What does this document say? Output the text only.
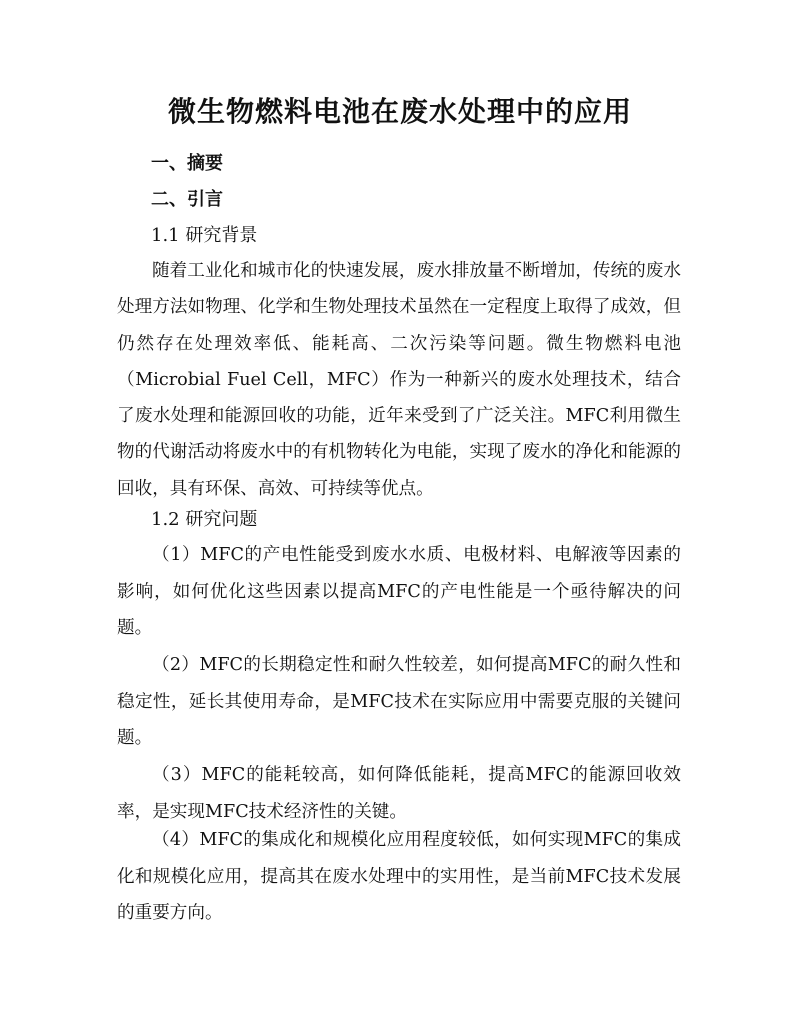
微生物燃料电池在废水处理中的应用
一、摘要
二、引言
1.1 研究背景

随着工业化和城市化的快速发展，废水排放量不断增加，传统的废水处理方法如物理、化学和生物处理技术虽然在一定程度上取得了成效，但仍然存在处理效率低、能耗高、二次污染等问题。微生物燃料电池（Microbial Fuel Cell，MFC）作为一种新兴的废水处理技术，结合了废水处理和能源回收的功能，近年来受到了广泛关注。MFC利用微生物的代谢活动将废水中的有机物转化为电能，实现了废水的净化和能源的回收，具有环保、高效、可持续等优点。

1.2 研究问题

（1）MFC的产电性能受到废水水质、电极材料、电解液等因素的影响，如何优化这些因素以提高MFC的产电性能是一个亟待解决的问题。

（2）MFC的长期稳定性和耐久性较差，如何提高MFC的耐久性和稳定性，延长其使用寿命，是MFC技术在实际应用中需要克服的关键问题。

（3）MFC的能耗较高，如何降低能耗，提高MFC的能源回收效率，是实现MFC技术经济性的关键。

（4）MFC的集成化和规模化应用程度较低，如何实现MFC的集成化和规模化应用，提高其在废水处理中的实用性，是当前MFC技术发展的重要方向。
